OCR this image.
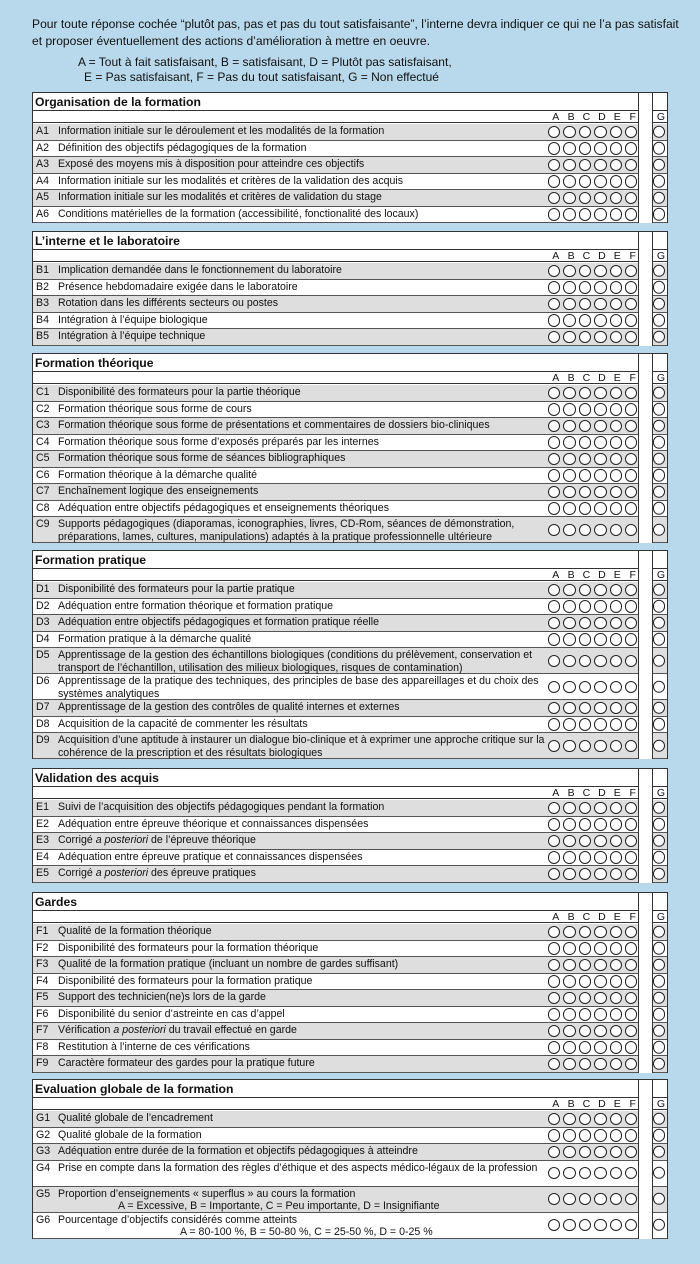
Pour toute réponse cochée “plutôt pas, pas et pas du tout satisfaisante”, l’interne devra indiquer ce qui ne l’a pas satisfait et proposer éventuellement des actions d’amélioration à mettre en oeuvre.
A = Tout à fait satisfaisant, B = satisfaisant, D = Plutôt pas satisfaisant,
E = Pas satisfaisant, F = Pas du tout satisfaisant, G = Non effectué
Organisation de la formation
A B C D E F	G
A1 Information initiale sur le déroulement et les modalités de la formation
A2 Définition des objectifs pédagogiques de la formation
A3 Exposé des moyens mis à disposition pour atteindre ces objectifs
A4 Information initiale sur les modalités et critères de la validation des acquis
A5 Information initiale sur les modalités et critères de validation du stage
A6 Conditions matérielles de la formation (accessibilité, fonctionalité des locaux)
L’interne et le laboratoire
A B C D E F	G
B1 Implication demandée dans le fonctionnement du laboratoire
B2 Présence hebdomadaire exigée dans le laboratoire
B3 Rotation dans les différents secteurs ou postes
B4 Intégration à l’équipe biologique
B5 Intégration à l’équipe technique
Formation théorique
A B C D E F	G
C1 Disponibilité des formateurs pour la partie théorique
C2 Formation théorique sous forme de cours
C3 Formation théorique sous forme de présentations et commentaires de dossiers bio-cliniques
C4 Formation théorique sous forme d’exposés préparés par les internes
C5 Formation théorique sous forme de séances bibliographiques
C6 Formation théorique à la démarche qualité
C7 Enchaînement logique des enseignements
C8 Adéquation entre objectifs pédagogiques et enseignements théoriques
C9 Supports pédagogiques (diaporamas, iconographies, livres, CD-Rom, séances de démonstration, préparations, lames, cultures, manipulations) adaptés à la pratique professionnelle ultérieure
Formation pratique
A B C D E F	G
D1 Disponibilité des formateurs pour la partie pratique
D2 Adéquation entre formation théorique et formation pratique
D3 Adéquation entre objectifs pédagogiques et formation pratique réelle
D4 Formation pratique à la démarche qualité
D5 Apprentissage de la gestion des échantillons biologiques (conditions du prélèvement, conservation et transport de l’échantillon, utilisation des milieux biologiques, risques de contamination)
D6 Apprentissage de la pratique des techniques, des principles de base des appareillages et du choix des systèmes analytiques
D7 Apprentissage de la gestion des contrôles de qualité internes et externes
D8 Acquisition de la capacité de commenter les résultats
D9 Acquisition d’une aptitude à instaurer un dialogue bio-clinique et à exprimer une approche critique sur la cohérence de la prescription et des résultats biologiques
Validation des acquis
A B C D E F	G
E1 Suivi de l’acquisition des objectifs pédagogiques pendant la formation
E2 Adéquation entre épreuve théorique et connaissances dispensées
E3 Corrigé a posteriori de l’épreuve théorique
E4 Adéquation entre épreuve pratique et connaissances dispensées
E5 Corrigé a posteriori des épreuve pratiques
Gardes
A B C D E F	G
F1 Qualité de la formation théorique
F2 Disponibilité des formateurs pour la formation théorique
F3 Qualité de la formation pratique (incluant un nombre de gardes suffisant)
F4 Disponibilité des formateurs pour la formation pratique
F5 Support des technicien(ne)s lors de la garde
F6 Disponibilité du senior d’astreinte en cas d’appel
F7 Vérification a posteriori du travail effectué en garde
F8 Restitution à l’interne de ces vérifications
F9 Caractère formateur des gardes pour la pratique future
Evaluation globale de la formation
A B C D E F	G
G1 Qualité globale de l’encadrement
G2 Qualité globale de la formation
G3 Adéquation entre durée de la formation et objectifs pédagogiques à atteindre
G4 Prise en compte dans la formation des règles d’éthique et des aspects médico-légaux de la profession
G5 Proportion d’enseignements « superflus » au cours la formation
A = Excessive, B = Importante, C = Peu importante, D = Insignifiante
G6 Pourcentage d’objectifs considérés comme atteints
A = 80-100 %, B = 50-80 %, C = 25-50 %, D = 0-25 %
